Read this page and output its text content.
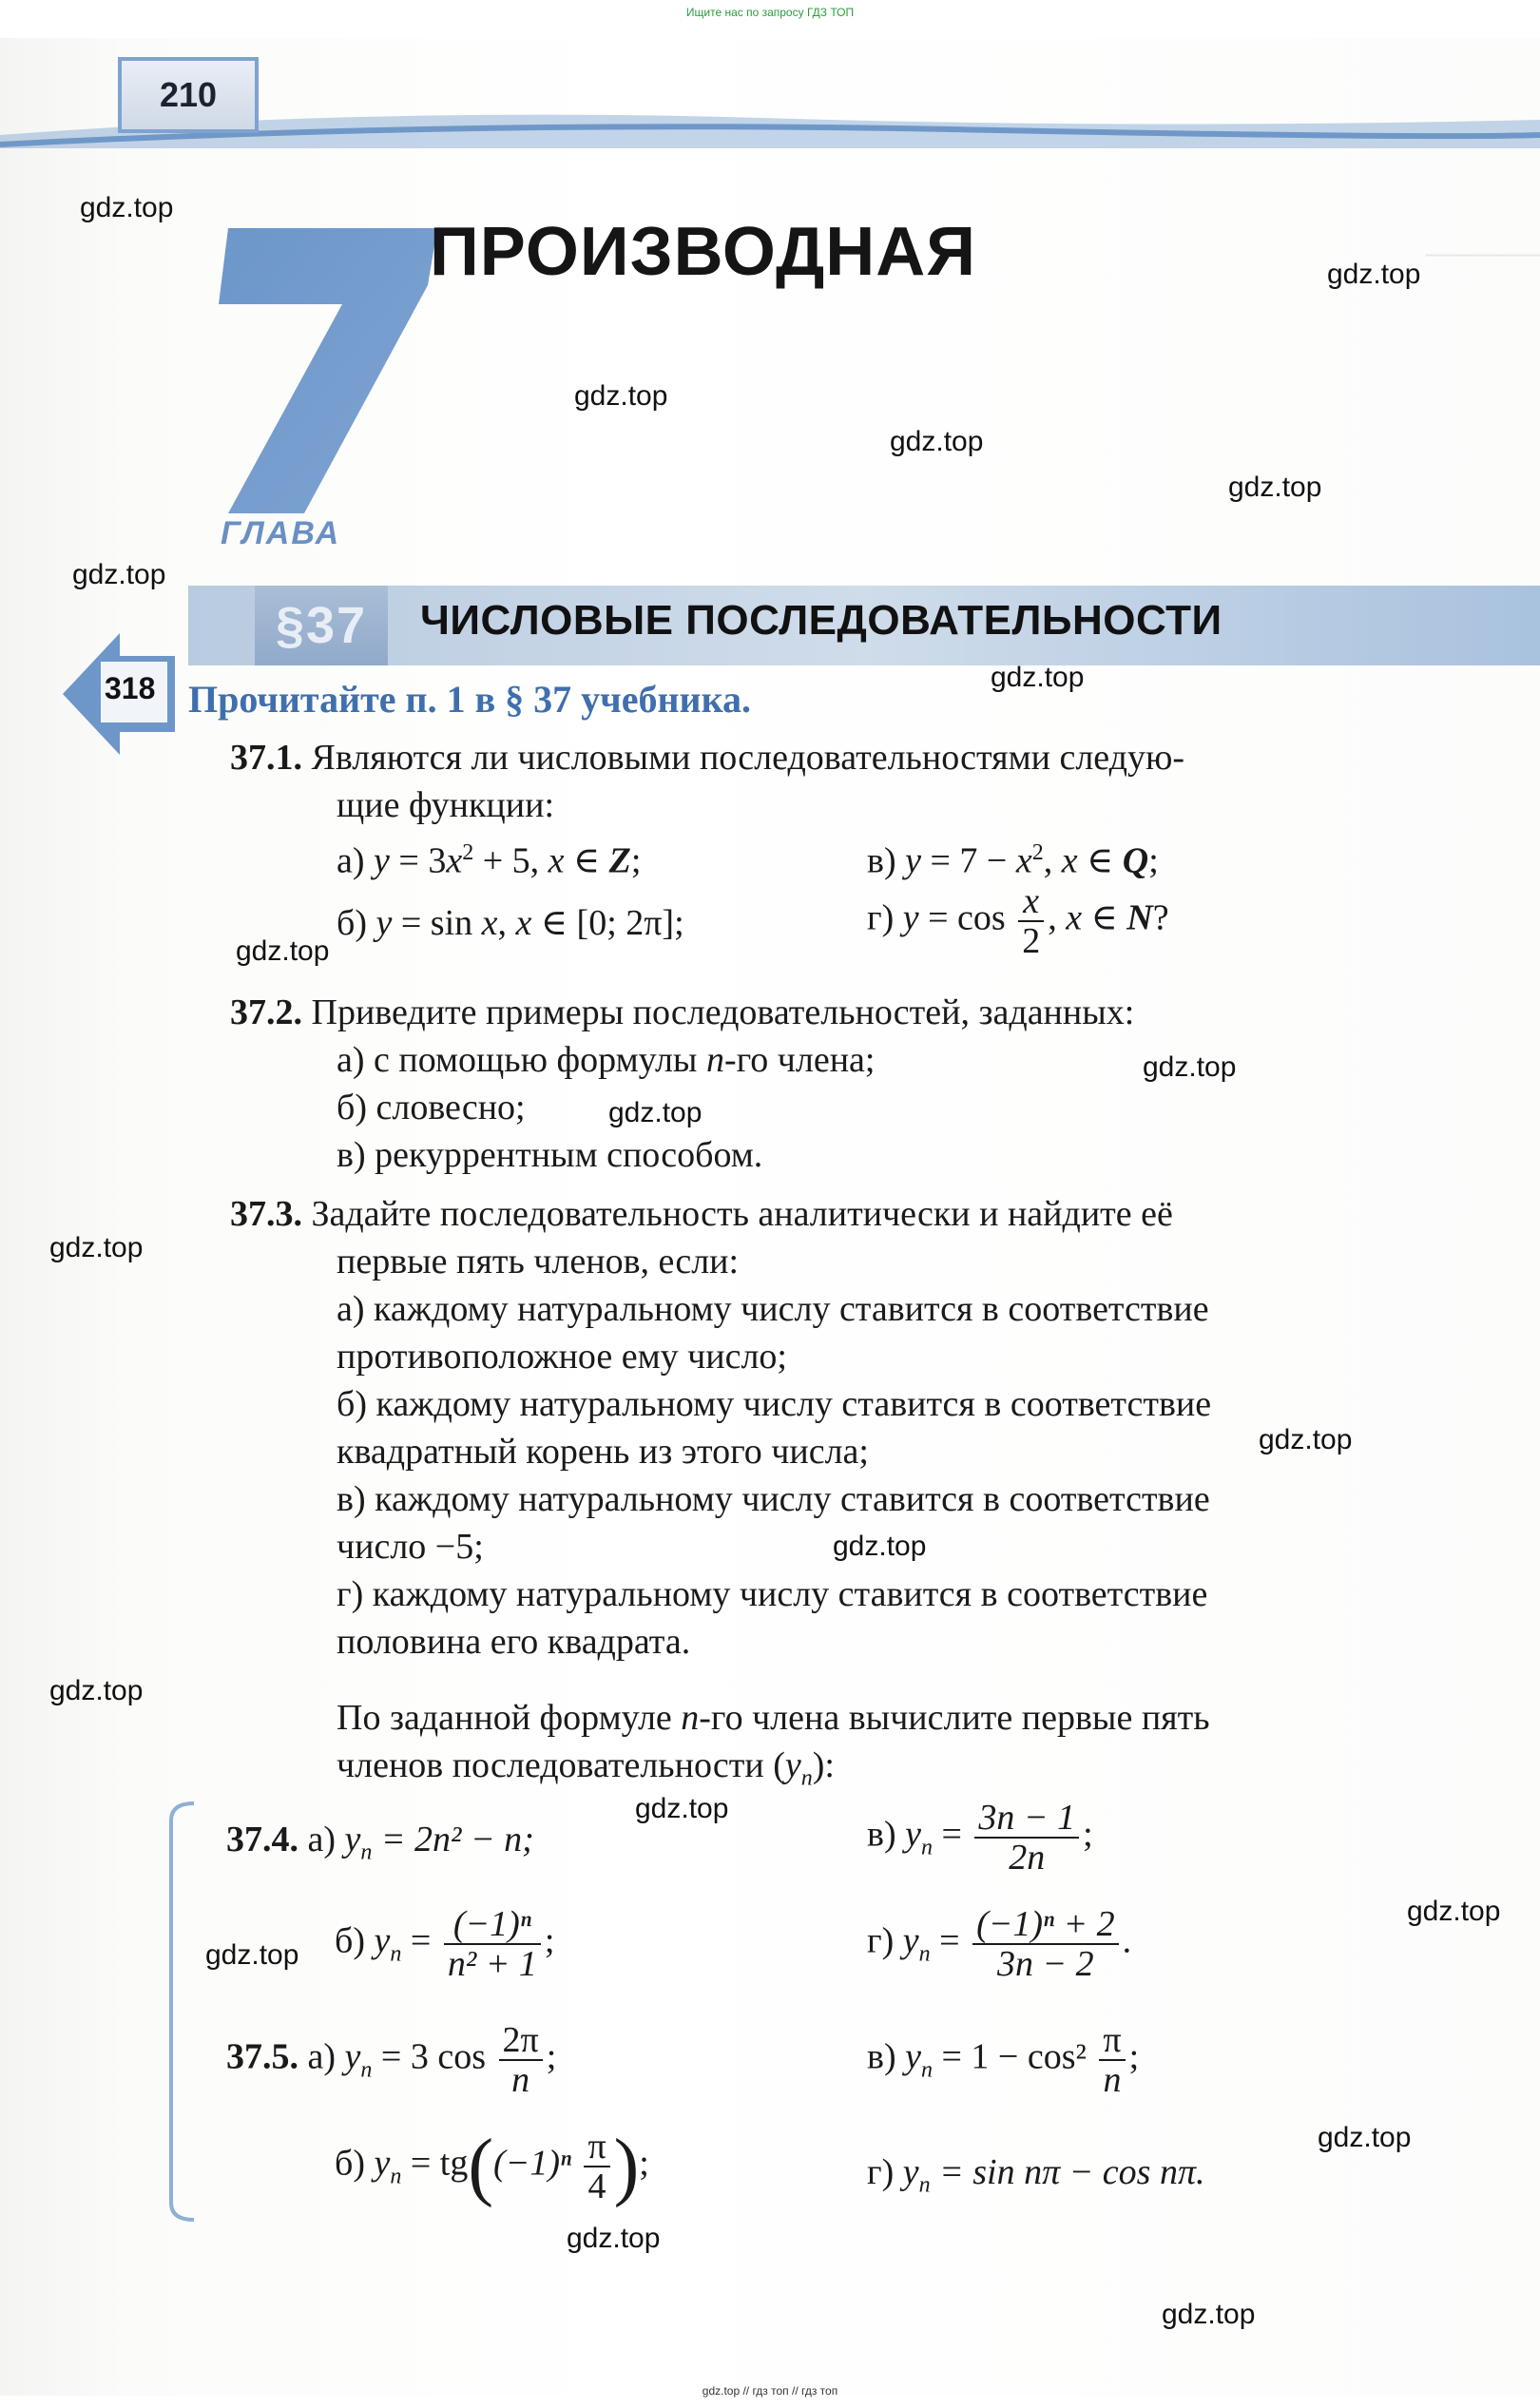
———
Ищите нас по запросу ГДЗ ТОП
210
ГЛАВА
ПРОИЗВОДНАЯ
§37	ЧИСЛОВЫЕ ПОСЛЕДОВАТЕЛЬНОСТИ
318 Прочитайте п. 1 в § 37 учебника.
37.1. Являются ли числовыми последовательностями следую-
щие функции:
а) $y = 3x^2 + 5$, x ∈ Z;	в) $y = 7 - x^2$, x ∈ Q;
б) y = sin x, x ∈ [0; 2π];	г) $y = \cos \frac{x}{2}$ , x ∈ N?
37.2. Приведите примеры последовательностей, заданных:
а) с помощью формулы n-го члена;
б) словесно;
в) рекуррентным способом.
37.3. Задайте последовательность аналитически и найдите её
первые пять членов, если:
а) каждому натуральному числу ставится в соответствие
противоположное ему число;
б) каждому натуральному числу ставится в соответствие
квадратный корень из этого числа;
в) каждому натуральному числу ставится в соответствие
число −5;
г) каждому натуральному числу ставится в соответствие
половина его квадрата.
По заданной формуле n-го члена вычислите первые пять
членов последовательности $(y_n)$:
37.4. а) $y_n = 2n^2 - n$;	в) $y_n = \frac{3n - 1}{2n}$ ;
б) $y_n = \frac{\text{(−1)ⁿ}}{\text{n² + 1}}$ ;	г) $y_n = \frac{\text{(−1)ⁿ + 2}}{3n - 2}$ .
37.5. а) $y_n = 3$ $\cos \frac{2\pi}{n}$ ;	в) $y_n = 1 - \cos^2 \frac{\pi}{n}$ ;
б) $y_n = tg((-1)^n \frac{\pi}{4}$ );	г) $y_n = \sin n\pi - \cos n\pi$.
gdz.top
gdz.top
gdz.top
gdz.top
gdz.top
gdz.top
gdz.top
gdz.top
gdz.top
gdz.top
gdz.top
gdz.top
gdz.top
gdz.top
gdz.top
gdz.top
gdz.top
gdz.top
gdz.top
gdz.top
gdz.top // гдз топ // гдз топ
